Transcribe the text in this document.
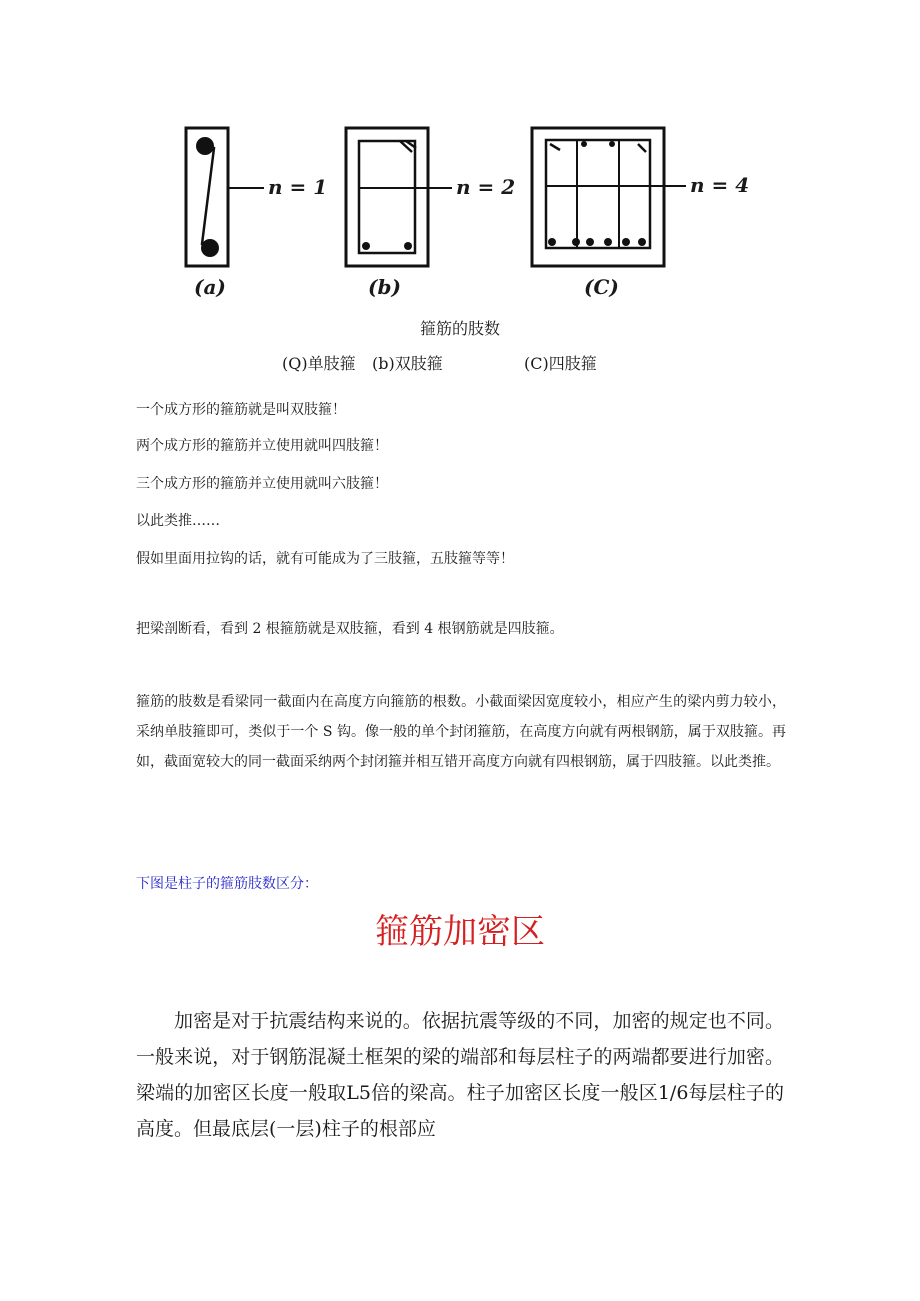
n = 1	n = 2	n = 4
(a)	(b)	(C)
箍筋的肢数
(Q)单肢箍 (b)双肢箍	(C)四肢箍
一个成方形的箍筋就是叫双肢箍！
两个成方形的箍筋并立使用就叫四肢箍！
三个成方形的箍筋并立使用就叫六肢箍！
以此类推……
假如里面用拉钩的话，就有可能成为了三肢箍，五肢箍等等！
把梁剖断看，看到 2 根箍筋就是双肢箍，看到 4 根钢筋就是四肢箍。
箍筋的肢数是看梁同一截面内在高度方向箍筋的根数。小截面梁因宽度较小，相应产生的梁内剪力较小，采纳单肢箍即可，类似于一个 S 钩。像一般的单个封闭箍筋，在高度方向就有两根钢筋，属于双肢箍。再如，截面宽较大的同一截面采纳两个封闭箍并相互错开高度方向就有四根钢筋，属于四肢箍。以此类推。
下图是柱子的箍筋肢数区分：
箍筋加密区

加密是对于抗震结构来说的。依据抗震等级的不同，加密的规定也不同。一般来说，对于钢筋混凝土框架的梁的端部和每层柱子的两端都要进行加密。梁端的加密区长度一般取L5倍的梁高。柱子加密区长度一般区1/6每层柱子的高度。但最底层(一层)柱子的根部应
